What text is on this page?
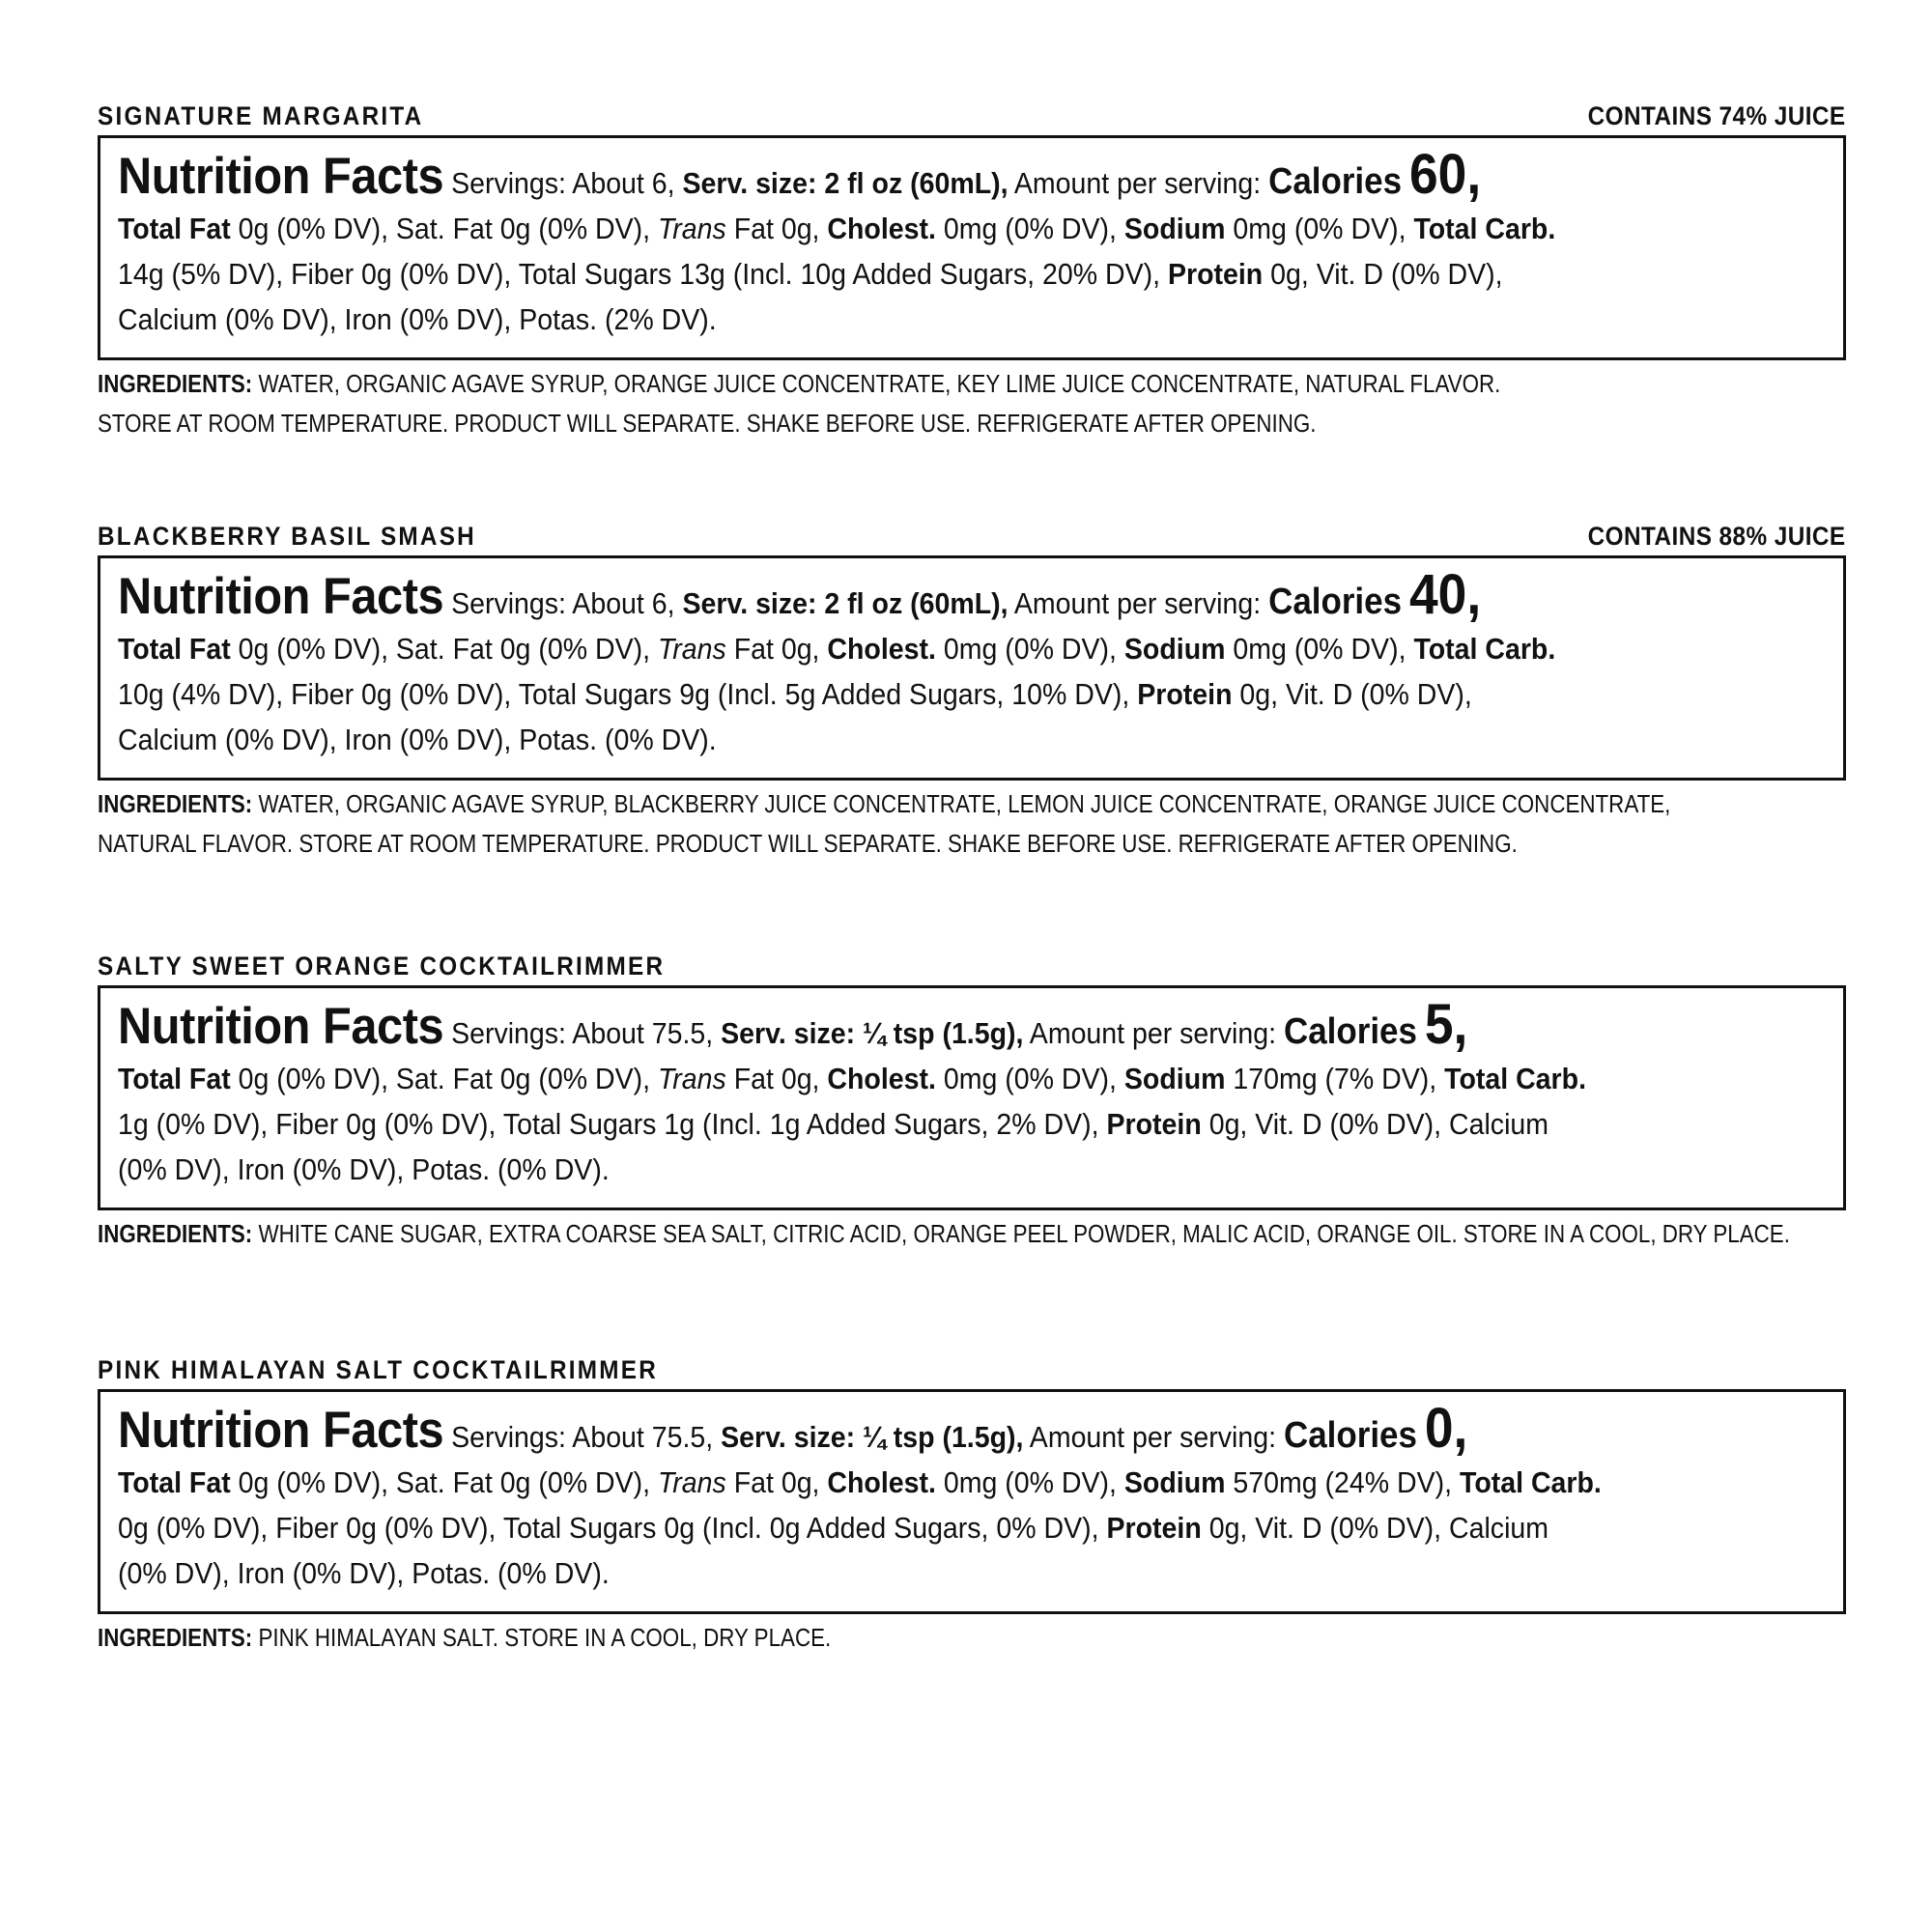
SIGNATURE MARGARITA	CONTAINS 74% JUICE
Nutrition Facts Servings: About 6, Serv. size: 2 fl oz (60mL), Amount per serving: Calories 60,
Total Fat 0g (0% DV), Sat. Fat 0g (0% DV), Trans Fat 0g, Cholest. 0mg (0% DV), Sodium 0mg (0% DV), Total Carb.
14g (5% DV), Fiber 0g (0% DV), Total Sugars 13g (Incl. 10g Added Sugars, 20% DV), Protein 0g, Vit. D (0% DV),
Calcium (0% DV), Iron (0% DV), Potas. (2% DV).
INGREDIENTS: WATER, ORGANIC AGAVE SYRUP, ORANGE JUICE CONCENTRATE, KEY LIME JUICE CONCENTRATE, NATURAL FLAVOR.
STORE AT ROOM TEMPERATURE. PRODUCT WILL SEPARATE. SHAKE BEFORE USE. REFRIGERATE AFTER OPENING.
BLACKBERRY BASIL SMASH	CONTAINS 88% JUICE
Nutrition Facts Servings: About 6, Serv. size: 2 fl oz (60mL), Amount per serving: Calories 40,
Total Fat 0g (0% DV), Sat. Fat 0g (0% DV), Trans Fat 0g, Cholest. 0mg (0% DV), Sodium 0mg (0% DV), Total Carb.
10g (4% DV), Fiber 0g (0% DV), Total Sugars 9g (Incl. 5g Added Sugars, 10% DV), Protein 0g, Vit. D (0% DV),
Calcium (0% DV), Iron (0% DV), Potas. (0% DV).
INGREDIENTS: WATER, ORGANIC AGAVE SYRUP, BLACKBERRY JUICE CONCENTRATE, LEMON JUICE CONCENTRATE, ORANGE JUICE CONCENTRATE,
NATURAL FLAVOR. STORE AT ROOM TEMPERATURE. PRODUCT WILL SEPARATE. SHAKE BEFORE USE. REFRIGERATE AFTER OPENING.
SALTY SWEET ORANGE COCKTAILRIMMER
Nutrition Facts Servings: About 75.5, Serv. size: ¼ tsp (1.5g), Amount per serving: Calories 5,
Total Fat 0g (0% DV), Sat. Fat 0g (0% DV), Trans Fat 0g, Cholest. 0mg (0% DV), Sodium 170mg (7% DV), Total Carb.
1g (0% DV), Fiber 0g (0% DV), Total Sugars 1g (Incl. 1g Added Sugars, 2% DV), Protein 0g, Vit. D (0% DV), Calcium
(0% DV), Iron (0% DV), Potas. (0% DV).
INGREDIENTS: WHITE CANE SUGAR, EXTRA COARSE SEA SALT, CITRIC ACID, ORANGE PEEL POWDER, MALIC ACID, ORANGE OIL. STORE IN A COOL, DRY PLACE.
PINK HIMALAYAN SALT COCKTAILRIMMER
Nutrition Facts Servings: About 75.5, Serv. size: ¼ tsp (1.5g), Amount per serving: Calories 0,
Total Fat 0g (0% DV), Sat. Fat 0g (0% DV), Trans Fat 0g, Cholest. 0mg (0% DV), Sodium 570mg (24% DV), Total Carb.
0g (0% DV), Fiber 0g (0% DV), Total Sugars 0g (Incl. 0g Added Sugars, 0% DV), Protein 0g, Vit. D (0% DV), Calcium
(0% DV), Iron (0% DV), Potas. (0% DV).
INGREDIENTS: PINK HIMALAYAN SALT. STORE IN A COOL, DRY PLACE.
